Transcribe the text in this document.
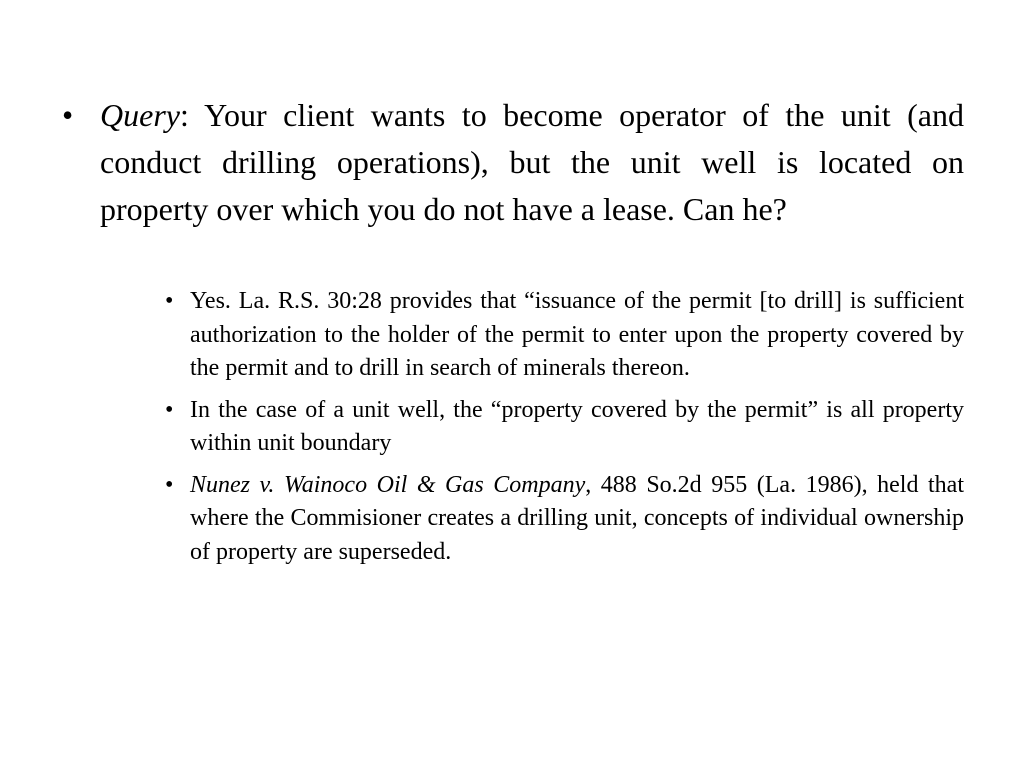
• Query: Your client wants to become operator of the unit (and conduct drilling operations), but the unit well is located on property over which you do not have a lease. Can he?
• Yes. La. R.S. 30:28 provides that “issuance of the permit [to drill] is sufficient authorization to the holder of the permit to enter upon the property covered by the permit and to drill in search of minerals thereon.
• In the case of a unit well, the “property covered by the permit” is all property within unit boundary
• Nunez v. Wainoco Oil & Gas Company, 488 So.2d 955 (La. 1986), held that where the Commisioner creates a drilling unit, concepts of individual ownership of property are superseded.
